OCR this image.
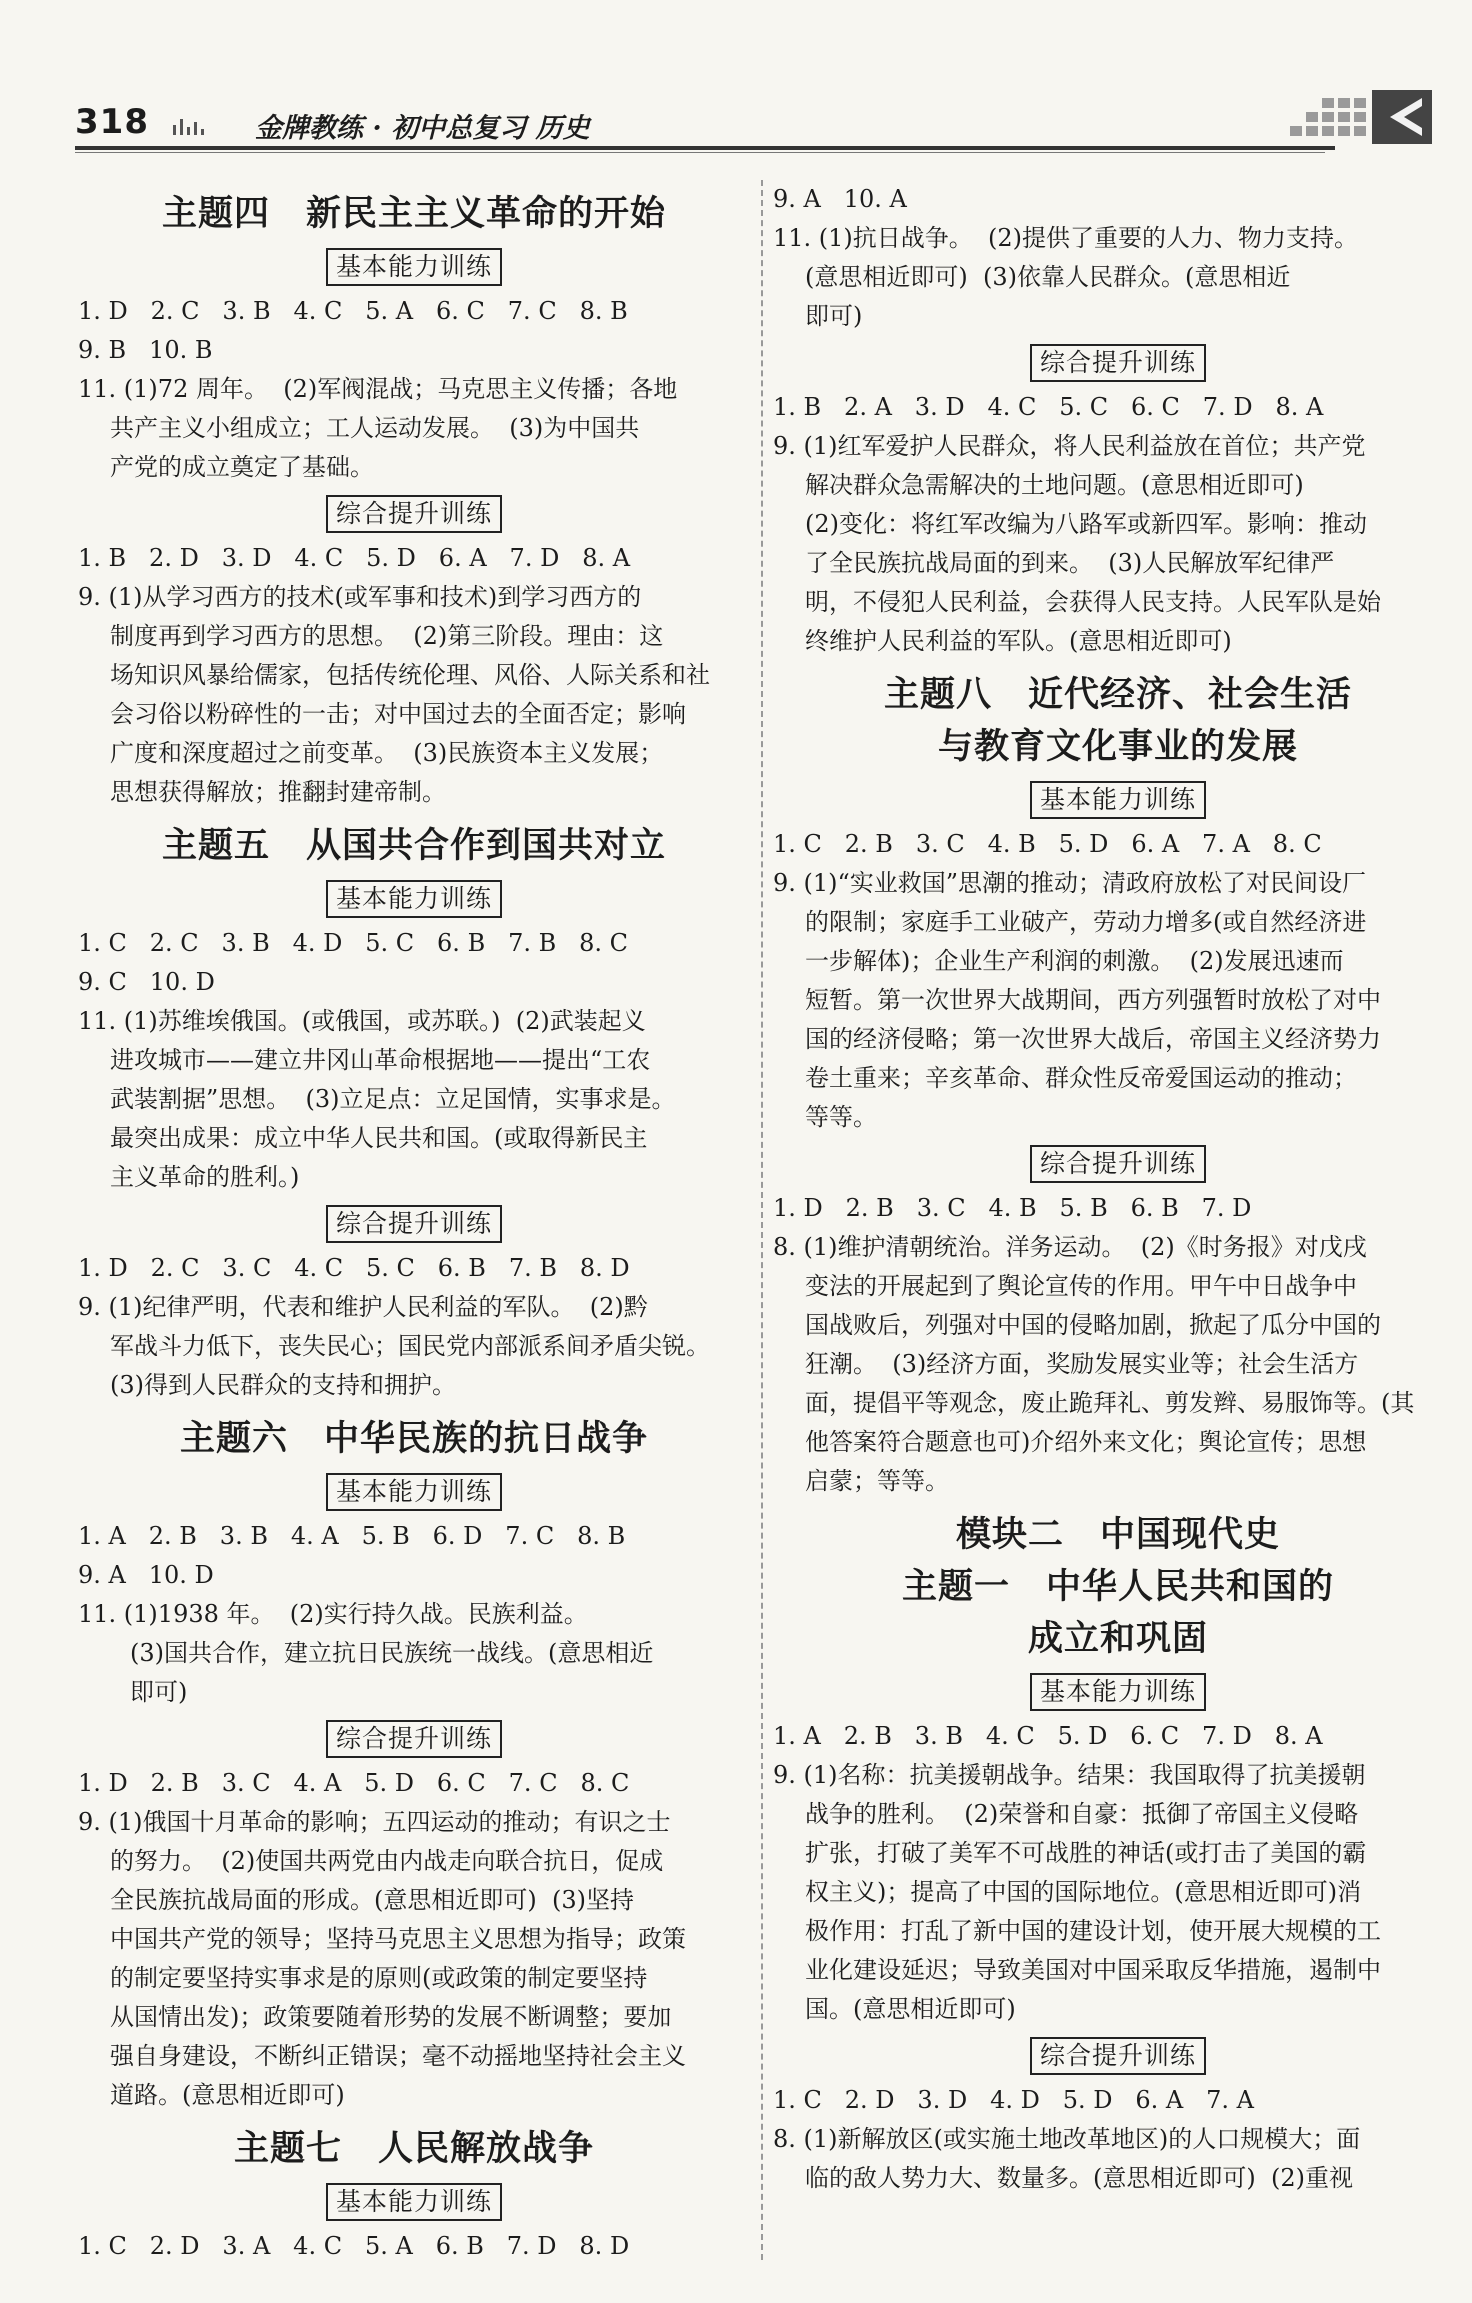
318	金牌教练 · 初中总复习 历史
主题四　新民主主义革命的开始
基本能力训练
1. D   2. C   3. B   4. C   5. A   6. C   7. C   8. B
9. B   10. B
11. (1)72 周年。  (2)军阀混战；马克思主义传播；各地
共产主义小组成立；工人运动发展。  (3)为中国共
产党的成立奠定了基础。
综合提升训练
1. B   2. D   3. D   4. C   5. D   6. A   7. D   8. A
9. (1)从学习西方的技术(或军事和技术)到学习西方的
制度再到学习西方的思想。  (2)第三阶段。理由：这
场知识风暴给儒家，包括传统伦理、风俗、人际关系和社
会习俗以粉碎性的一击；对中国过去的全面否定；影响
广度和深度超过之前变革。  (3)民族资本主义发展；
思想获得解放；推翻封建帝制。
主题五　从国共合作到国共对立
基本能力训练
1. C   2. C   3. B   4. D   5. C   6. B   7. B   8. C
9. C   10. D
11. (1)苏维埃俄国。(或俄国，或苏联。)  (2)武装起义
进攻城市——建立井冈山革命根据地——提出“工农
武装割据”思想。  (3)立足点：立足国情，实事求是。
最突出成果：成立中华人民共和国。(或取得新民主
主义革命的胜利。)
综合提升训练
1. D   2. C   3. C   4. C   5. C   6. B   7. B   8. D
9. (1)纪律严明，代表和维护人民利益的军队。  (2)黔
军战斗力低下，丧失民心；国民党内部派系间矛盾尖锐。
(3)得到人民群众的支持和拥护。
主题六　中华民族的抗日战争
基本能力训练
1. A   2. B   3. B   4. A   5. B   6. D   7. C   8. B
9. A   10. D
11. (1)1938 年。  (2)实行持久战。民族利益。
(3)国共合作，建立抗日民族统一战线。(意思相近
即可)
综合提升训练
1. D   2. B   3. C   4. A   5. D   6. C   7. C   8. C
9. (1)俄国十月革命的影响；五四运动的推动；有识之士
的努力。  (2)使国共两党由内战走向联合抗日，促成
全民族抗战局面的形成。(意思相近即可)  (3)坚持
中国共产党的领导；坚持马克思主义思想为指导；政策
的制定要坚持实事求是的原则(或政策的制定要坚持
从国情出发)；政策要随着形势的发展不断调整；要加
强自身建设，不断纠正错误；毫不动摇地坚持社会主义
道路。(意思相近即可)
主题七　人民解放战争
基本能力训练
1. C   2. D   3. A   4. C   5. A   6. B   7. D   8. D
9. A   10. A
11. (1)抗日战争。  (2)提供了重要的人力、物力支持。
(意思相近即可)  (3)依靠人民群众。(意思相近
即可)
综合提升训练
1. B   2. A   3. D   4. C   5. C   6. C   7. D   8. A
9. (1)红军爱护人民群众，将人民利益放在首位；共产党
解决群众急需解决的土地问题。(意思相近即可)
(2)变化：将红军改编为八路军或新四军。影响：推动
了全民族抗战局面的到来。  (3)人民解放军纪律严
明，不侵犯人民利益，会获得人民支持。人民军队是始
终维护人民利益的军队。(意思相近即可)
主题八　近代经济、社会生活
与教育文化事业的发展
基本能力训练
1. C   2. B   3. C   4. B   5. D   6. A   7. A   8. C
9. (1)“实业救国”思潮的推动；清政府放松了对民间设厂
的限制；家庭手工业破产，劳动力增多(或自然经济进
一步解体)；企业生产利润的刺激。  (2)发展迅速而
短暂。第一次世界大战期间，西方列强暂时放松了对中
国的经济侵略；第一次世界大战后，帝国主义经济势力
卷土重来；辛亥革命、群众性反帝爱国运动的推动；
等等。
综合提升训练
1. D   2. B   3. C   4. B   5. B   6. B   7. D
8. (1)维护清朝统治。洋务运动。  (2)《时务报》对戊戌
变法的开展起到了舆论宣传的作用。甲午中日战争中
国战败后，列强对中国的侵略加剧，掀起了瓜分中国的
狂潮。  (3)经济方面，奖励发展实业等；社会生活方
面，提倡平等观念，废止跪拜礼、剪发辫、易服饰等。(其
他答案符合题意也可)介绍外来文化；舆论宣传；思想
启蒙；等等。
模块二　中国现代史
主题一　中华人民共和国的
成立和巩固
基本能力训练
1. A   2. B   3. B   4. C   5. D   6. C   7. D   8. A
9. (1)名称：抗美援朝战争。结果：我国取得了抗美援朝
战争的胜利。  (2)荣誉和自豪：抵御了帝国主义侵略
扩张，打破了美军不可战胜的神话(或打击了美国的霸
权主义)；提高了中国的国际地位。(意思相近即可)消
极作用：打乱了新中国的建设计划，使开展大规模的工
业化建设延迟；导致美国对中国采取反华措施，遏制中
国。(意思相近即可)
综合提升训练
1. C   2. D   3. D   4. D   5. D   6. A   7. A
8. (1)新解放区(或实施土地改革地区)的人口规模大；面
临的敌人势力大、数量多。(意思相近即可)  (2)重视
